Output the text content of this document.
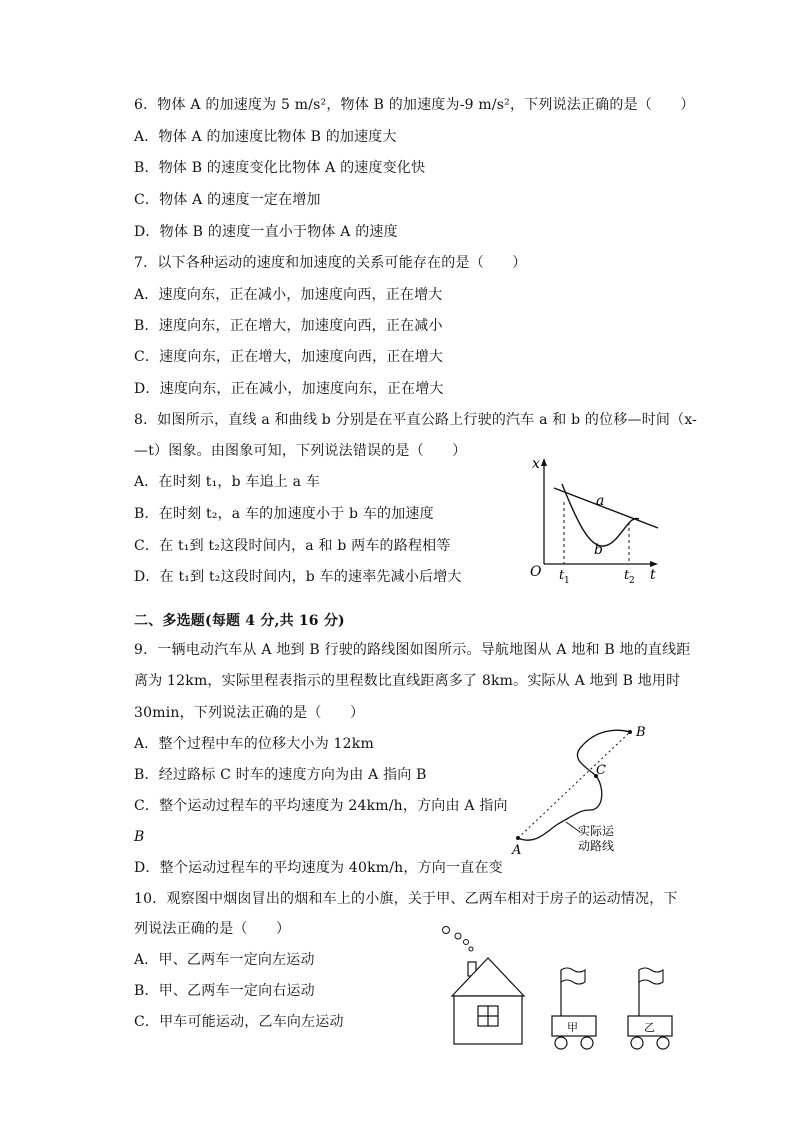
6．物体 A 的加速度为 5 m/s²，物体 B 的加速度为-9 m/s²，下列说法正确的是（　　）
A．物体 A 的加速度比物体 B 的加速度大
B．物体 B 的速度变化比物体 A 的速度变化快
C．物体 A 的速度一定在增加
D．物体 B 的速度一直小于物体 A 的速度
7．以下各种运动的速度和加速度的关系可能存在的是（　　）
A．速度向东，正在减小，加速度向西，正在增大
B．速度向东，正在增大，加速度向西，正在减小
C．速度向东，正在增大，加速度向西，正在增大
D．速度向东，正在减小，加速度向东，正在增大
8．如图所示，直线 a 和曲线 b 分别是在平直公路上行驶的汽车 a 和 b 的位移—时间（x-
—t）图象。由图象可知，下列说法错误的是（　　）
A．在时刻 t₁，b 车追上 a 车
B．在时刻 t₂，a 车的加速度小于 b 车的加速度
C．在 t₁到 t₂这段时间内，a 和 b 两车的路程相等
D．在 t₁到 t₂这段时间内，b 车的速率先减小后增大
x
t
O
a
b
t 1	t 2
二、多选题(每题 4 分,共 16 分)
9．一辆电动汽车从 A 地到 B 行驶的路线图如图所示。导航地图从 A 地和 B 地的直线距
离为 12km，实际里程表指示的里程数比直线距离多了 8km。实际从 A 地到 B 地用时
30min，下列说法正确的是（　　）
A．整个过程中车的位移大小为 12km
B．经过路标 C 时车的速度方向为由 A 指向 B
C．整个运动过程车的平均速度为 24km/h，方向由 A 指向
B
D．整个运动过程车的平均速度为 40km/h，方向一直在变
A
B
C
实际运
动路线
10．观察图中烟囱冒出的烟和车上的小旗，关于甲、乙两车相对于房子的运动情况，下
列说法正确的是（　　）
A．甲、乙两车一定向左运动
B．甲、乙两车一定向右运动
C．甲车可能运动，乙车向左运动	甲	乙
